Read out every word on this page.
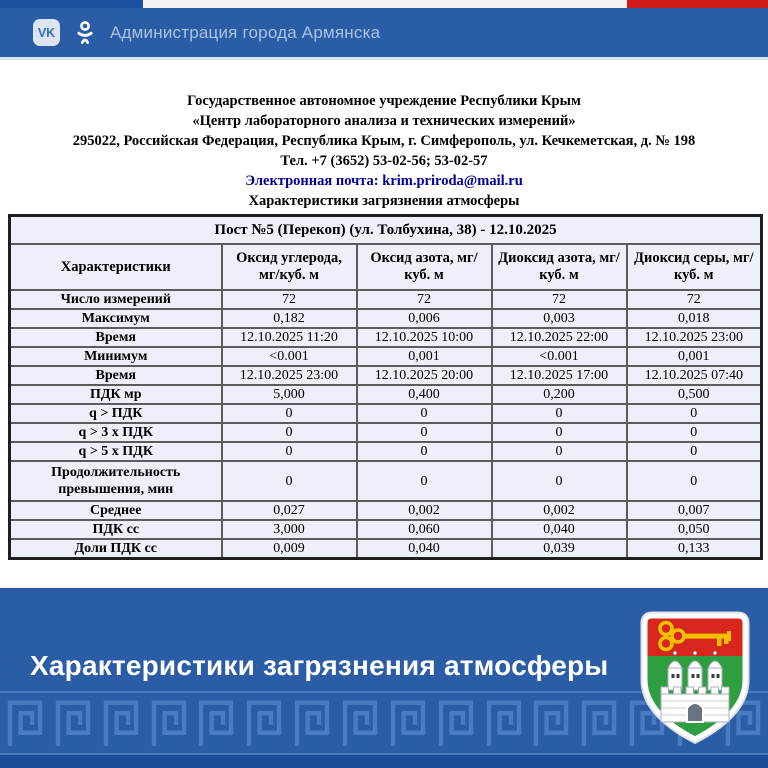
VK	Администрация города Армянска

Государственное автономное учреждение Республики Крым

«Центр лабораторного анализа и технических измерений»

295022, Российская Федерация, Республика Крым, г. Симферополь, ул. Кечкеметская, д. № 198

Тел. +7 (3652) 53-02-56; 53-02-57

Электронная почта: krim.priroda@mail.ru

Характеристики загрязнения атмосферы

Пост №5 (Перекоп) (ул. Толбухина, 38) - 12.10.2025				
Характеристики	Оксид углерода, мг/куб. м	Оксид азота, мг/куб. м	Диоксид азота, мг/куб. м	Диоксид серы, мг/куб. м
Число измерений	72	72	72	72
Максимум	0,182	0,006	0,003	0,018
Время	12.10.2025 11:20	12.10.2025 10:00	12.10.2025 22:00	12.10.2025 23:00
Минимум	<0.001	0,001	<0.001	0,001
Время	12.10.2025 23:00	12.10.2025 20:00	12.10.2025 17:00	12.10.2025 07:40
ПДК мр	5,000	0,400	0,200	0,500
q > ПДК	0	0	0	0
q > 3 x ПДК	0	0	0	0
q > 5 x ПДК	0	0	0	0
Продолжительность превышения, мин	0	0	0	0
Среднее	0,027	0,002	0,002	0,007
ПДК сс	3,000	0,060	0,040	0,050
Доли ПДК сс	0,009	0,040	0,039	0,133
Характеристики загрязнения атмосферы
